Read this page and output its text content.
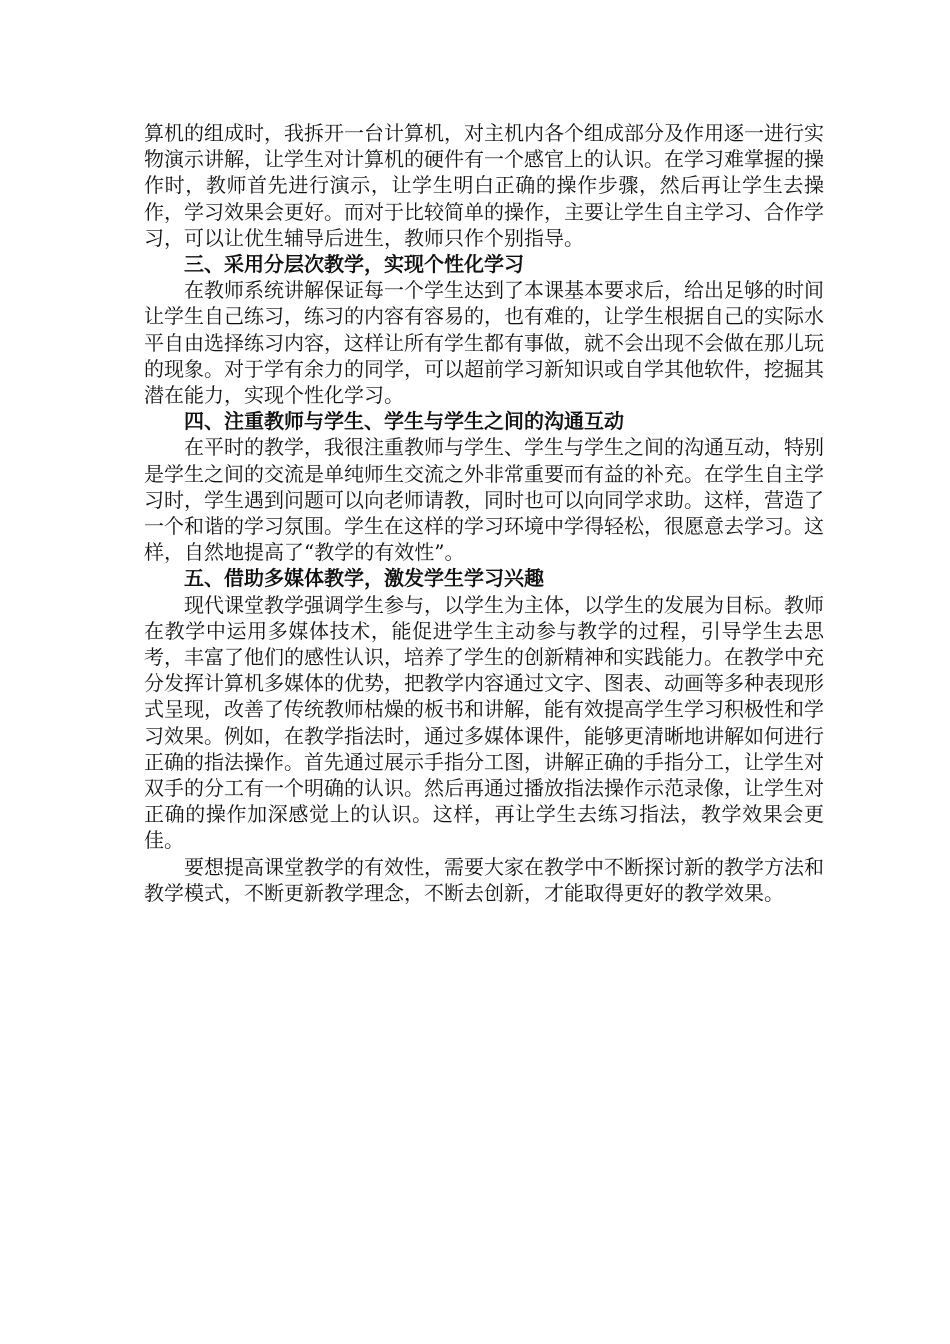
算机的组成时，我拆开一台计算机，对主机内各个组成部分及作用逐一进行实物演示讲解，让学生对计算机的硬件有一个感官上的认识。在学习难掌握的操作时，教师首先进行演示，让学生明白正确的操作步骤，然后再让学生去操作，学习效果会更好。而对于比较简单的操作，主要让学生自主学习、合作学习，可以让优生辅导后进生，教师只作个别指导。

三、采用分层次教学，实现个性化学习

在教师系统讲解保证每一个学生达到了本课基本要求后，给出足够的时间让学生自己练习，练习的内容有容易的，也有难的，让学生根据自己的实际水平自由选择练习内容，这样让所有学生都有事做，就不会出现不会做在那儿玩的现象。对于学有余力的同学，可以超前学习新知识或自学其他软件，挖掘其潜在能力，实现个性化学习。

四、注重教师与学生、学生与学生之间的沟通互动

在平时的教学，我很注重教师与学生、学生与学生之间的沟通互动，特别是学生之间的交流是单纯师生交流之外非常重要而有益的补充。在学生自主学习时，学生遇到问题可以向老师请教，同时也可以向同学求助。这样，营造了一个和谐的学习氛围。学生在这样的学习环境中学得轻松，很愿意去学习。这样，自然地提高了“教学的有效性”。

五、借助多媒体教学，激发学生学习兴趣

现代课堂教学强调学生参与，以学生为主体，以学生的发展为目标。教师在教学中运用多媒体技术，能促进学生主动参与教学的过程，引导学生去思考，丰富了他们的感性认识，培养了学生的创新精神和实践能力。在教学中充分发挥计算机多媒体的优势，把教学内容通过文字、图表、动画等多种表现形式呈现，改善了传统教师枯燥的板书和讲解，能有效提高学生学习积极性和学习效果。例如，在教学指法时，通过多媒体课件，能够更清晰地讲解如何进行正确的指法操作。首先通过展示手指分工图，讲解正确的手指分工，让学生对双手的分工有一个明确的认识。然后再通过播放指法操作示范录像，让学生对正确的操作加深感觉上的认识。这样，再让学生去练习指法，教学效果会更佳。

要想提高课堂教学的有效性，需要大家在教学中不断探讨新的教学方法和教学模式，不断更新教学理念，不断去创新，才能取得更好的教学效果。
